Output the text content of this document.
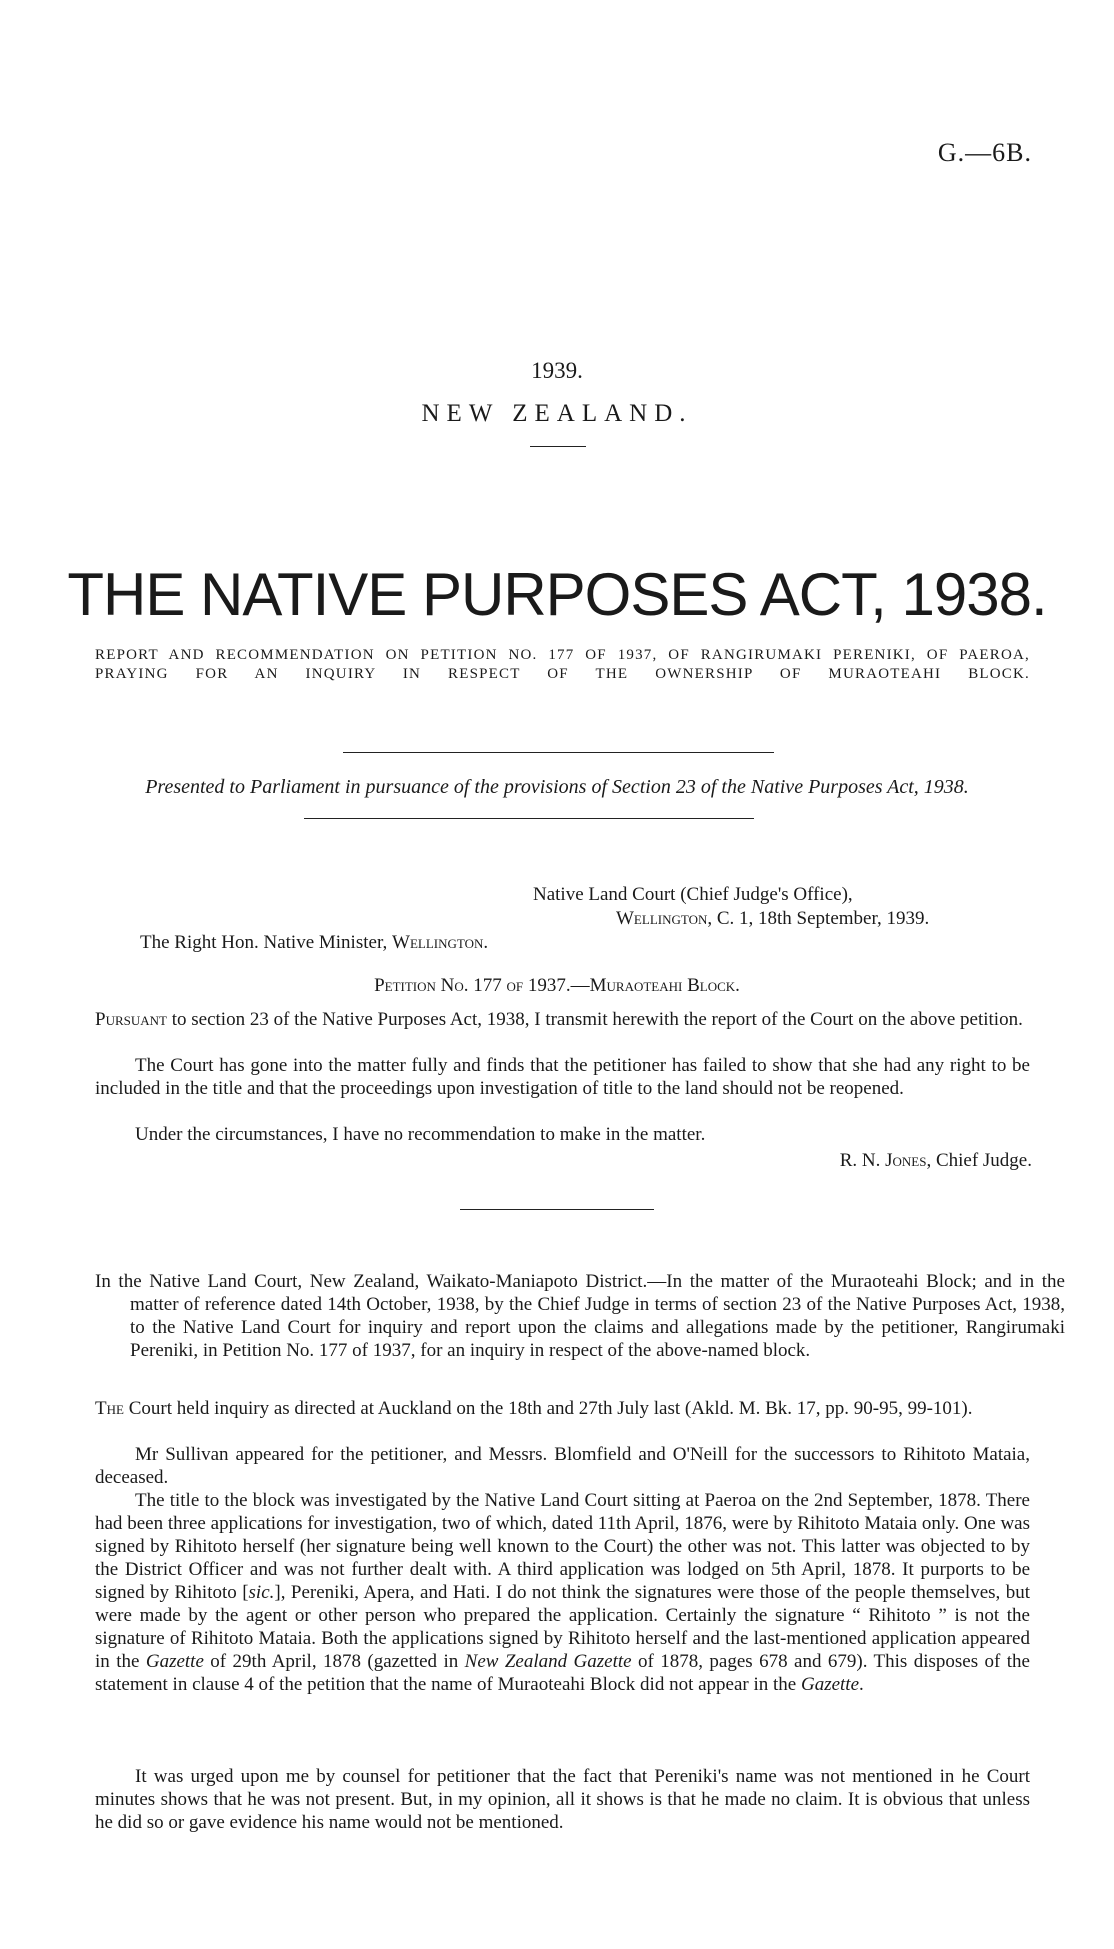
G.—6B.
1939.
NEW ZEALAND.
THE NATIVE PURPOSES ACT, 1938.
REPORT AND RECOMMENDATION ON PETITION NO. 177 OF 1937, OF RANGIRUMAKI PERENIKI, OF PAEROA, PRAYING FOR AN INQUIRY IN RESPECT OF THE OWNERSHIP OF MURAOTEAHI BLOCK.
Presented to Parliament in pursuance of the provisions of Section 23 of the Native Purposes Act, 1938.
Native Land Court (Chief Judge's Office),
Wellington, C. 1, 18th September, 1939.
The Right Hon. Native Minister, Wellington.
Petition No. 177 of 1937.—Muraoteahi Block.

Pursuant to section 23 of the Native Purposes Act, 1938, I transmit herewith the report of the Court on the above petition.

The Court has gone into the matter fully and finds that the petitioner has failed to show that she had any right to be included in the title and that the proceedings upon investigation of title to the land should not be reopened.

Under the circumstances, I have no recommendation to make in the matter.

R. N. Jones, Chief Judge.

In the Native Land Court, New Zealand, Waikato-Maniapoto District.—In the matter of the Muraoteahi Block; and in the matter of reference dated 14th October, 1938, by the Chief Judge in terms of section 23 of the Native Purposes Act, 1938, to the Native Land Court for inquiry and report upon the claims and allegations made by the petitioner, Rangirumaki Pereniki, in Petition No. 177 of 1937, for an inquiry in respect of the above-named block.

The Court held inquiry as directed at Auckland on the 18th and 27th July last (Akld. M. Bk. 17, pp. 90-95, 99-101).

Mr Sullivan appeared for the petitioner, and Messrs. Blomfield and O'Neill for the successors to Rihitoto Mataia, deceased.

The title to the block was investigated by the Native Land Court sitting at Paeroa on the 2nd September, 1878. There had been three applications for investigation, two of which, dated 11th April, 1876, were by Rihitoto Mataia only. One was signed by Rihitoto herself (her signature being well known to the Court) the other was not. This latter was objected to by the District Officer and was not further dealt with. A third application was lodged on 5th April, 1878. It purports to be signed by Rihitoto [sic.], Pereniki, Apera, and Hati. I do not think the signatures were those of the people themselves, but were made by the agent or other person who prepared the application. Certainly the signature “ Rihitoto ” is not the signature of Rihitoto Mataia. Both the applications signed by Rihitoto herself and the last-mentioned application appeared in the Gazette of 29th April, 1878 (gazetted in New Zealand Gazette of 1878, pages 678 and 679). This disposes of the statement in clause 4 of the petition that the name of Muraoteahi Block did not appear in the Gazette.

It was urged upon me by counsel for petitioner that the fact that Pereniki's name was not mentioned in he Court minutes shows that he was not present. But, in my opinion, all it shows is that he made no claim. It is obvious that unless he did so or gave evidence his name would not be mentioned.
